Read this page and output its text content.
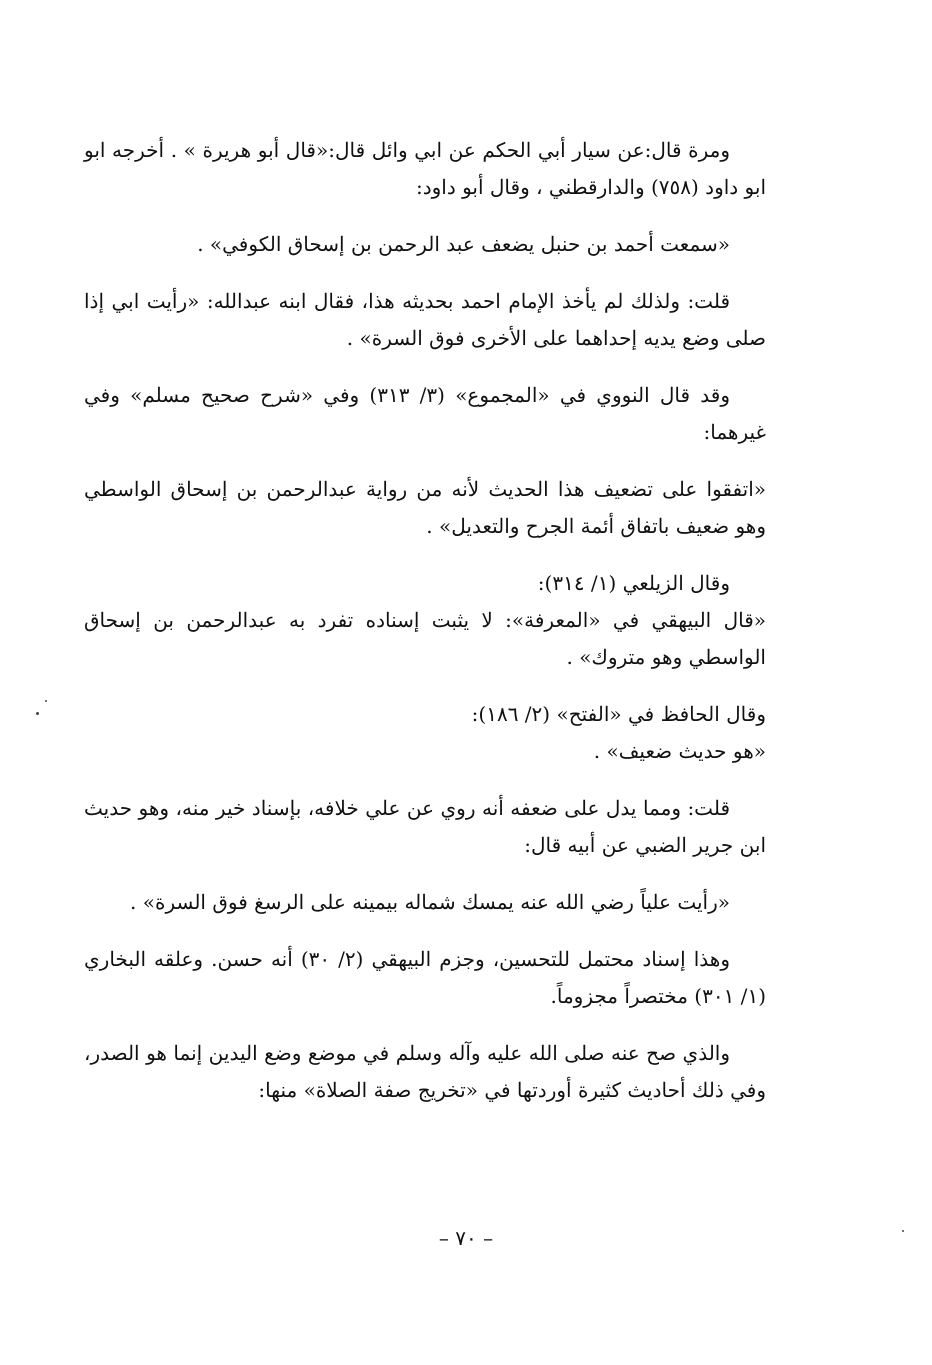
ومرة قال:عن سيار أبي الحكم عن ابي وائل قال:«قال أبو هريرة » . أخرجه ابو ابو داود (٧٥٨) والدارقطني ، وقال أبو داود:

«سمعت أحمد بن حنبل يضعف عبد الرحمن بن إسحاق الكوفي» .

قلت: ولذلك لم يأخذ الإمام احمد بحديثه هذا، فقال ابنه عبدالله: «رأيت ابي إذا صلى وضع يديه إحداهما على الأخرى فوق السرة» .

وقد قال النووي في «المجموع» (٣/ ٣١٣) وفي «شرح صحيح مسلم» وفي غيرهما:

«اتفقوا على تضعيف هذا الحديث لأنه من رواية عبدالرحمن بن إسحاق الواسطي وهو ضعيف باتفاق أئمة الجرح والتعديل» .

وقال الزيلعي (١/ ٣١٤):

«قال البيهقي في «المعرفة»: لا يثبت إسناده تفرد به عبدالرحمن بن إسحاق الواسطي وهو متروك» .

وقال الحافظ في «الفتح» (٢/ ١٨٦):

«هو حديث ضعيف» .

قلت: ومما يدل على ضعفه أنه روي عن علي خلافه، بإسناد خير منه، وهو حديث ابن جرير الضبي عن أبيه قال:

«رأيت علياً رضي الله عنه يمسك شماله بيمينه على الرسغ فوق السرة» .

وهذا إسناد محتمل للتحسين، وجزم البيهقي (٢/ ٣٠) أنه حسن. وعلقه البخاري (١/ ٣٠١) مختصراً مجزوماً.

والذي صح عنه صلى الله عليه وآله وسلم في موضع وضع اليدين إنما هو الصدر، وفي ذلك أحاديث كثيرة أوردتها في «تخريج صفة الصلاة» منها:

– ٧٠ –
